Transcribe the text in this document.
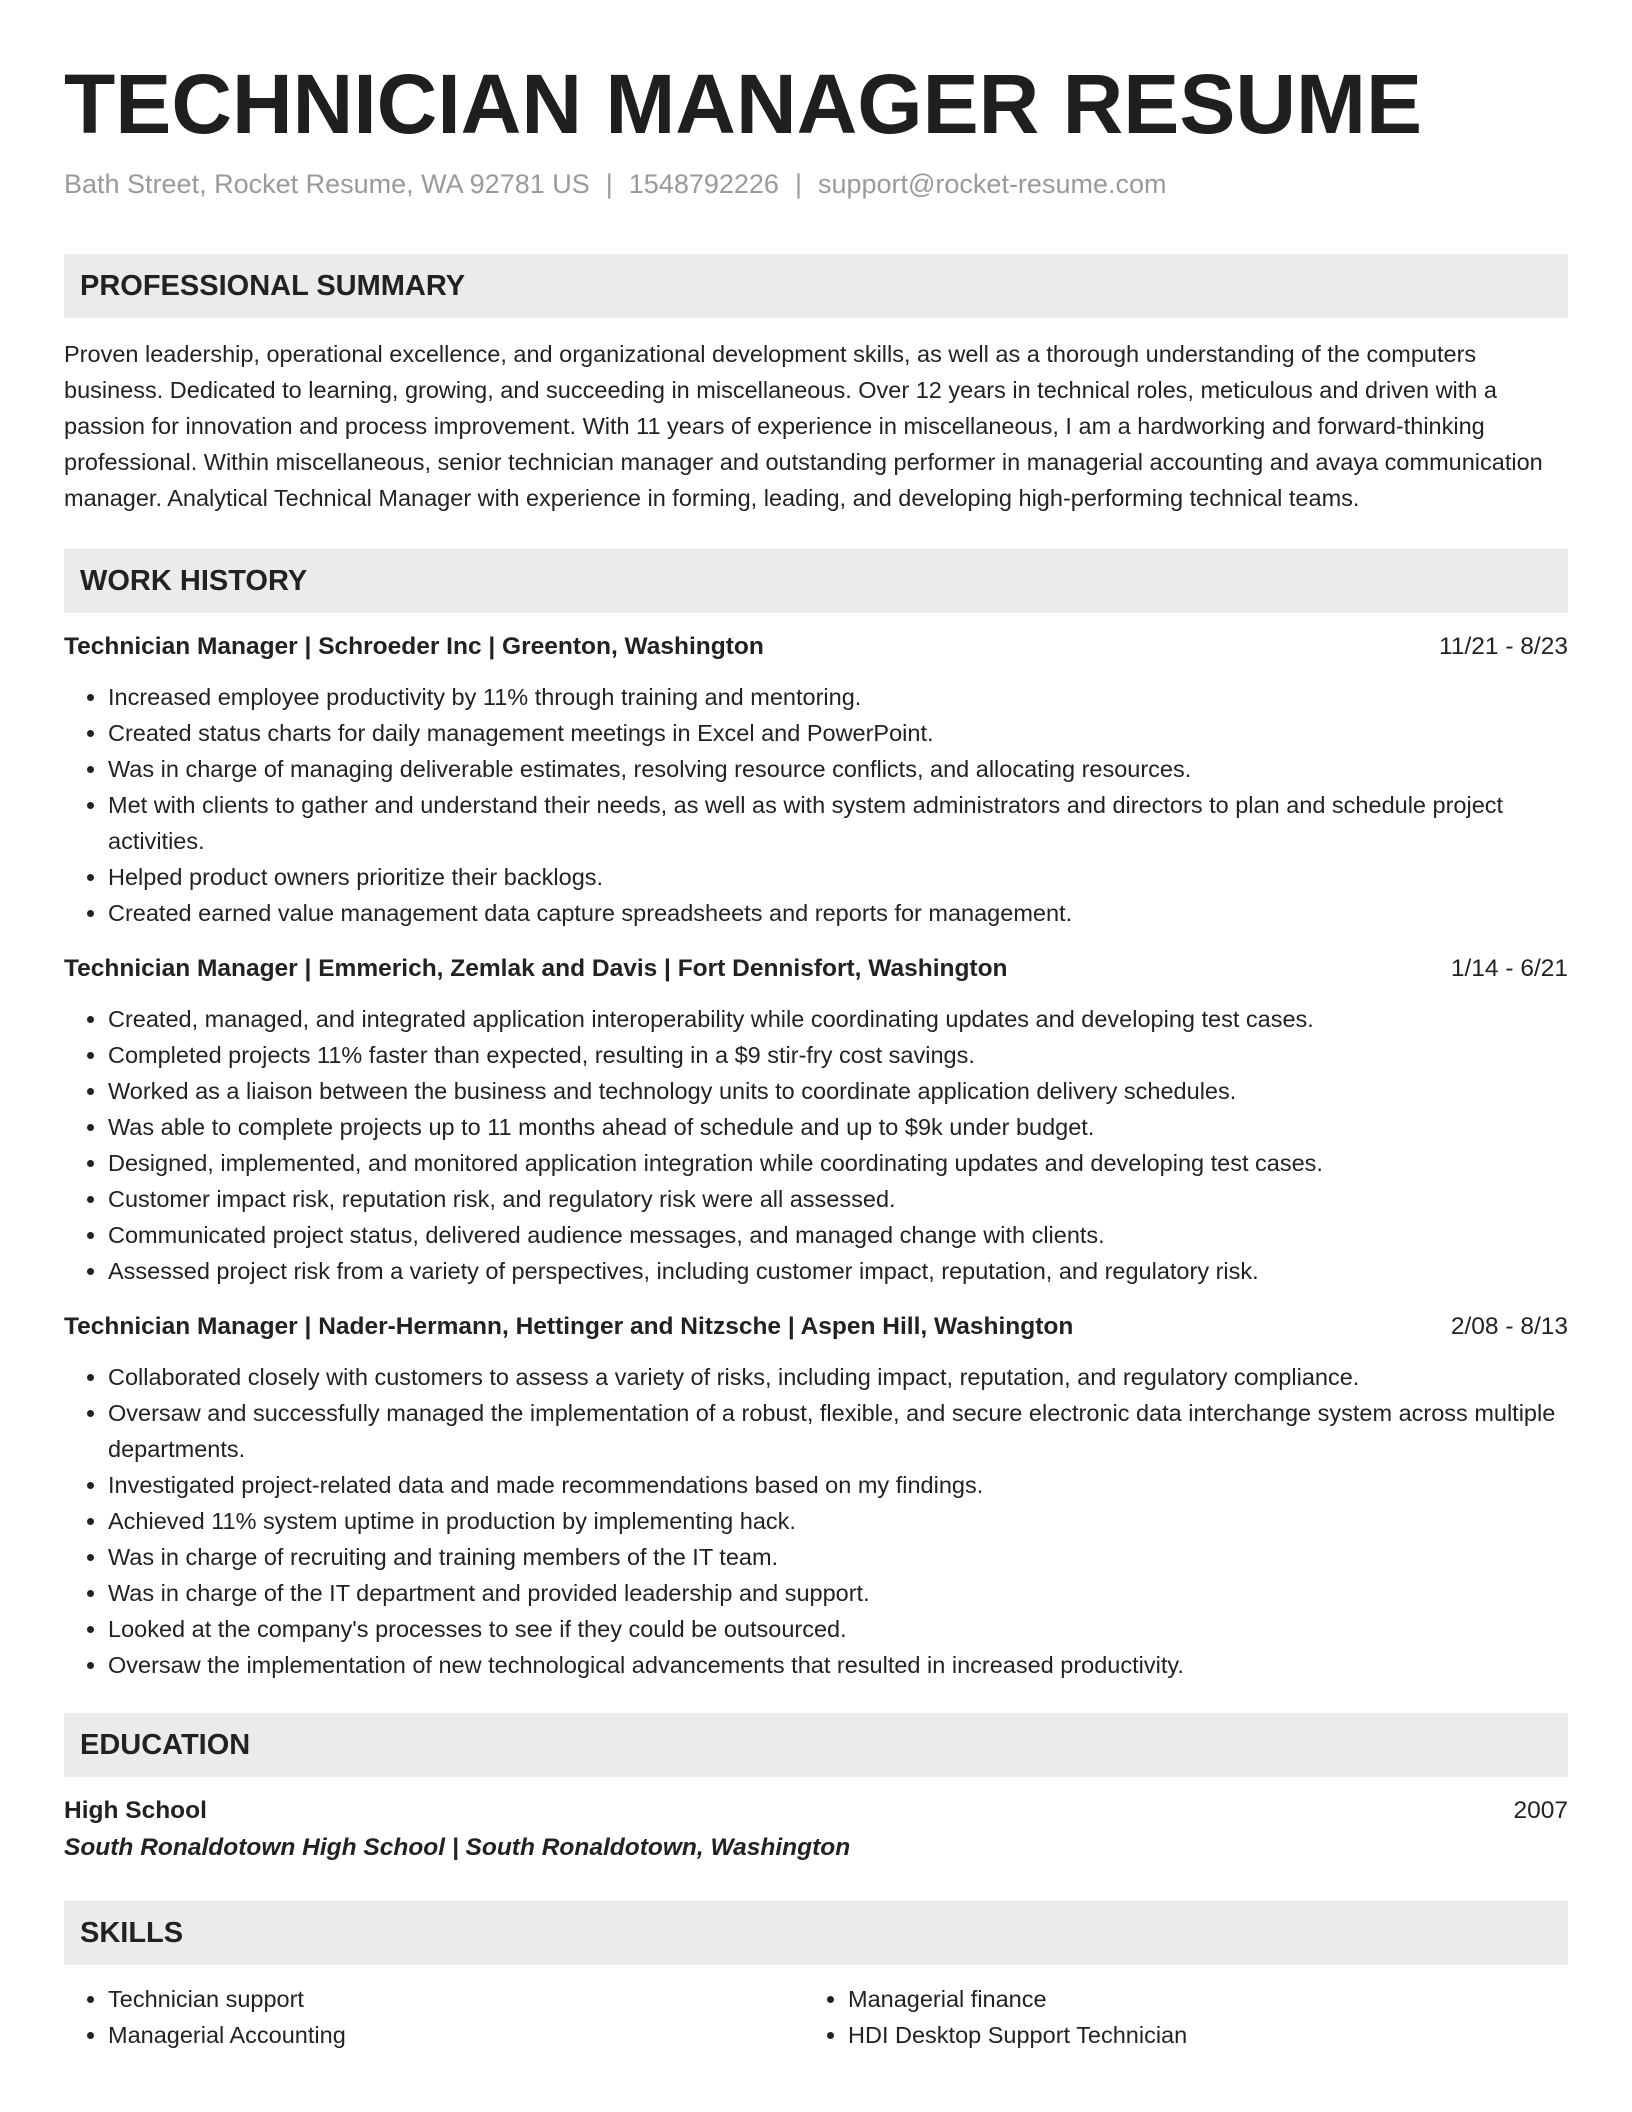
TECHNICIAN MANAGER RESUME
Bath Street, Rocket Resume, WA 92781 US | 1548792226 | support@rocket-resume.com
PROFESSIONAL SUMMARY
Proven leadership, operational excellence, and organizational development skills, as well as a thorough understanding of the computers business. Dedicated to learning, growing, and succeeding in miscellaneous. Over 12 years in technical roles, meticulous and driven with a passion for innovation and process improvement. With 11 years of experience in miscellaneous, I am a hardworking and forward-thinking professional. Within miscellaneous, senior technician manager and outstanding performer in managerial accounting and avaya communication manager. Analytical Technical Manager with experience in forming, leading, and developing high-performing technical teams.
WORK HISTORY
Technician Manager | Schroeder Inc | Greenton, Washington	11/21 - 8/23
• Increased employee productivity by 11% through training and mentoring.
• Created status charts for daily management meetings in Excel and PowerPoint.
• Was in charge of managing deliverable estimates, resolving resource conflicts, and allocating resources.
• Met with clients to gather and understand their needs, as well as with system administrators and directors to plan and schedule project activities.
• Helped product owners prioritize their backlogs.
• Created earned value management data capture spreadsheets and reports for management.
Technician Manager | Emmerich, Zemlak and Davis | Fort Dennisfort, Washington	1/14 - 6/21
• Created, managed, and integrated application interoperability while coordinating updates and developing test cases.
• Completed projects 11% faster than expected, resulting in a $9 stir-fry cost savings.
• Worked as a liaison between the business and technology units to coordinate application delivery schedules.
• Was able to complete projects up to 11 months ahead of schedule and up to $9k under budget.
• Designed, implemented, and monitored application integration while coordinating updates and developing test cases.
• Customer impact risk, reputation risk, and regulatory risk were all assessed.
• Communicated project status, delivered audience messages, and managed change with clients.
• Assessed project risk from a variety of perspectives, including customer impact, reputation, and regulatory risk.
Technician Manager | Nader-Hermann, Hettinger and Nitzsche | Aspen Hill, Washington	2/08 - 8/13
• Collaborated closely with customers to assess a variety of risks, including impact, reputation, and regulatory compliance.
• Oversaw and successfully managed the implementation of a robust, flexible, and secure electronic data interchange system across multiple departments.
• Investigated project-related data and made recommendations based on my findings.
• Achieved 11% system uptime in production by implementing hack.
• Was in charge of recruiting and training members of the IT team.
• Was in charge of the IT department and provided leadership and support.
• Looked at the company's processes to see if they could be outsourced.
• Oversaw the implementation of new technological advancements that resulted in increased productivity.
EDUCATION
High School	2007
South Ronaldotown High School | South Ronaldotown, Washington
SKILLS
• Technician support
• Managerial Accounting
• Managerial finance
• HDI Desktop Support Technician
